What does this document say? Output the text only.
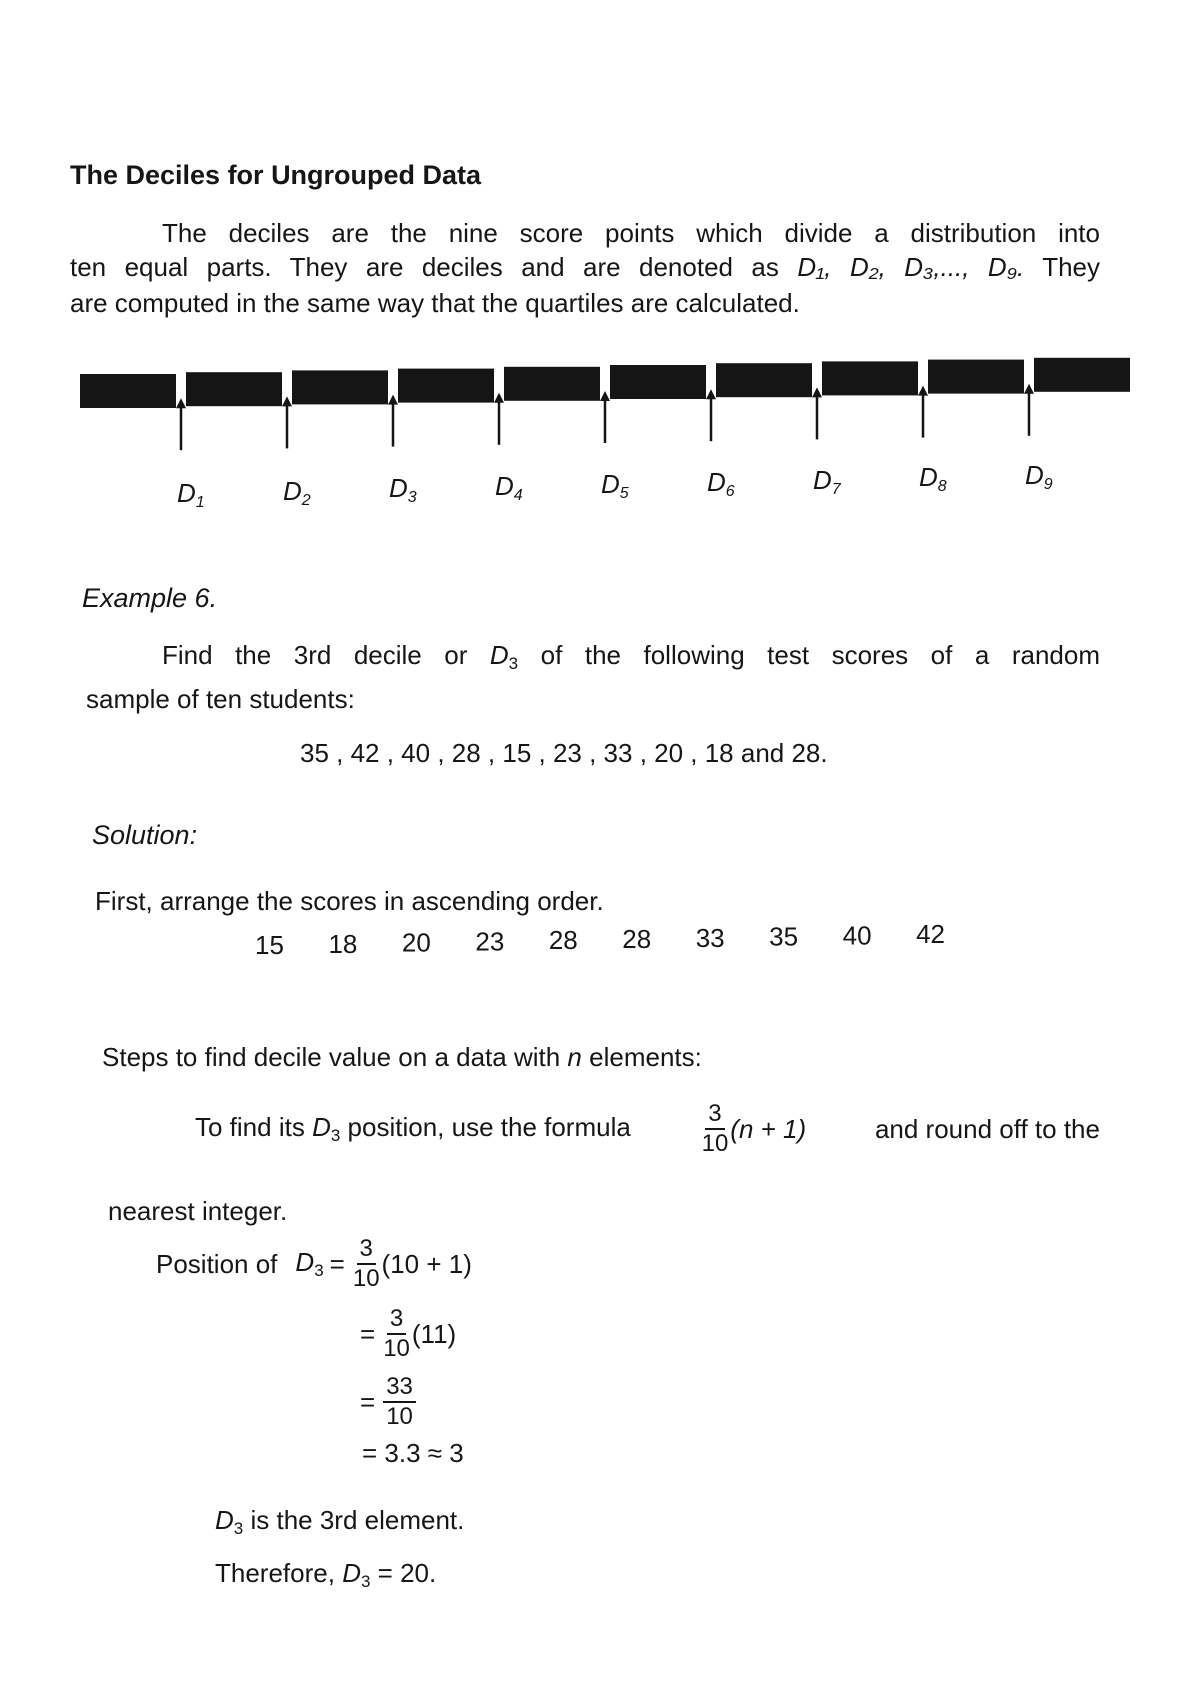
The Deciles for Ungrouped Data
The deciles are the nine score points which divide a distribution into
ten equal parts. They are deciles and are denoted as D₁, D₂, D₃,..., D₉. They
are computed in the same way that the quartiles are calculated.
$D_1$	$D_2$	$D_3$	$D_4$	$D_5$	$D_6$	$D_7$	$D_8$	$D_9$
Example 6.
Find the 3rd decile or $D_3$ of the following test scores of a random
sample of ten students:
35 , 42 , 40 , 28 , 15 , 23 , 33 , 20 , 18 and 28.
Solution:
First, arrange the scores in ascending order.
15 18 20 23 28 28 33 35 40 42
Steps to find decile value on a data with n elements:
To find its $D_3$ position, use the formula	$\frac{3}{10} (n + 1)$	and round off to the
nearest integer.
Position of $D_3 = \frac{3}{10} (10 + 1)$
= $\frac{3}{10} (11)$
= $\frac{33}{10}$
= 3.3 ≈ 3
$D_3$ is the 3rd element.
Therefore, $D_3 = 20$.
